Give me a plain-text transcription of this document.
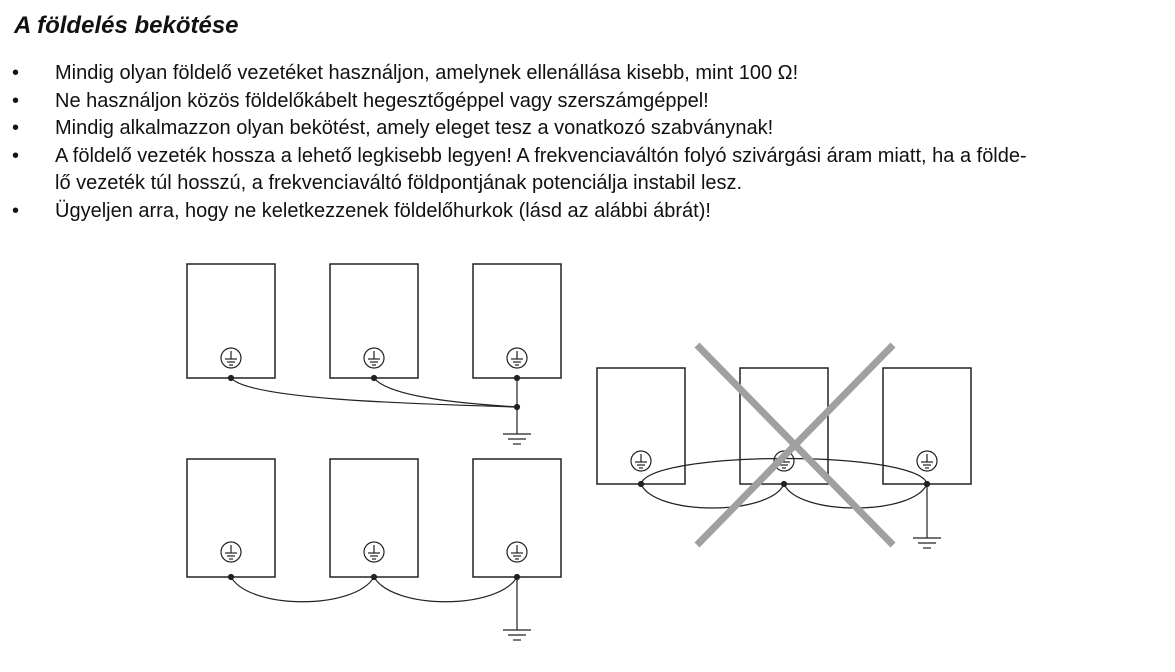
A földelés bekötése
•	Mindig olyan földelő vezetéket használjon, amelynek ellenállása kisebb, mint 100 Ω!
•	Ne használjon közös földelőkábelt hegesztőgéppel vagy szerszámgéppel!
•	Mindig alkalmazzon olyan bekötést, amely eleget tesz a vonatkozó szabványnak!
•	A földelő vezeték hossza a lehető legkisebb legyen! A frekvenciaváltón folyó szivárgási áram miatt, ha a földe-
lő vezeték túl hosszú, a frekvenciaváltó földpontjának potenciálja instabil lesz.
•	Ügyeljen arra, hogy ne keletkezzenek földelőhurkok (lásd az alábbi ábrát)!
